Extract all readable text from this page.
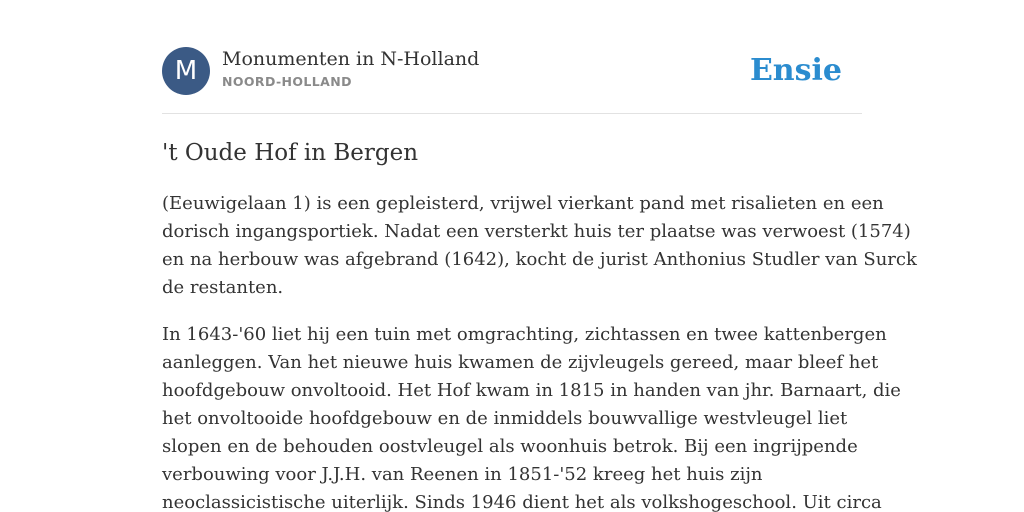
M	Monumenten in N-Holland
NOORD-HOLLAND	Ensie
't Oude Hof in Bergen
(Eeuwigelaan 1) is een gepleisterd, vrijwel vierkant pand met risalieten en een
dorisch ingangsportiek. Nadat een versterkt huis ter plaatse was verwoest (1574)
en na herbouw was afgebrand (1642), kocht de jurist Anthonius Studler van Surck
de restanten.
In 1643-'60 liet hij een tuin met omgrachting, zichtassen en twee kattenbergen
aanleggen. Van het nieuwe huis kwamen de zijvleugels gereed, maar bleef het
hoofdgebouw onvoltooid. Het Hof kwam in 1815 in handen van jhr. Barnaart, die
het onvoltooide hoofdgebouw en de inmiddels bouwvallige westvleugel liet
slopen en de behouden oostvleugel als woonhuis betrok. Bij een ingrijpende
verbouwing voor J.J.H. van Reenen in 1851-'52 kreeg het huis zijn
neoclassicistische uiterlijk. Sinds 1946 dient het als volkshogeschool. Uit circa
